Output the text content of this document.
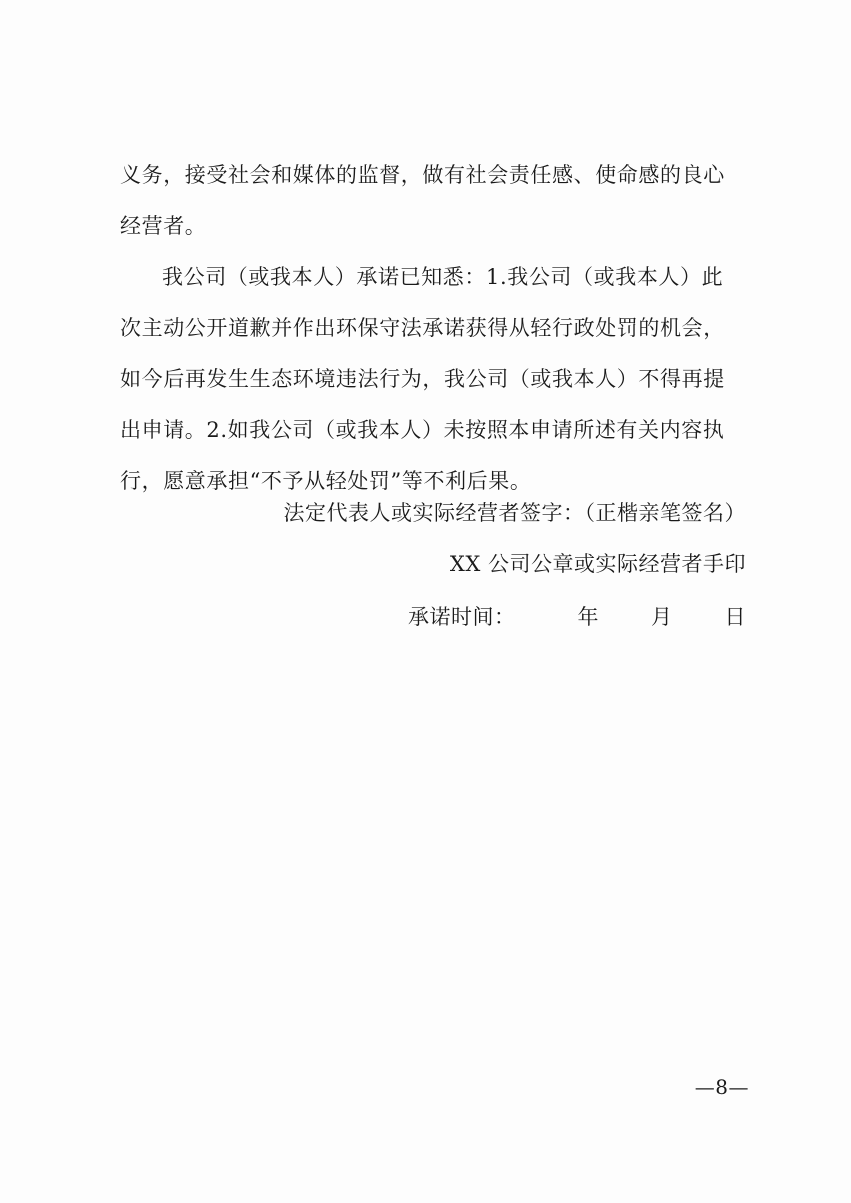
义务，接受社会和媒体的监督，做有社会责任感、使命感的良心
经营者。
我公司（或我本人）承诺已知悉：1.我公司（或我本人）此
次主动公开道歉并作出环保守法承诺获得从轻行政处罚的机会，
如今后再发生生态环境违法行为，我公司（或我本人）不得再提
出申请。2.如我公司（或我本人）未按照本申请所述有关内容执
行，愿意承担“不予从轻处罚”等不利后果。
法定代表人或实际经营者签字：（正楷亲笔签名）
XX 公司公章或实际经营者手印
承诺时间：	年 月 日
—8—
